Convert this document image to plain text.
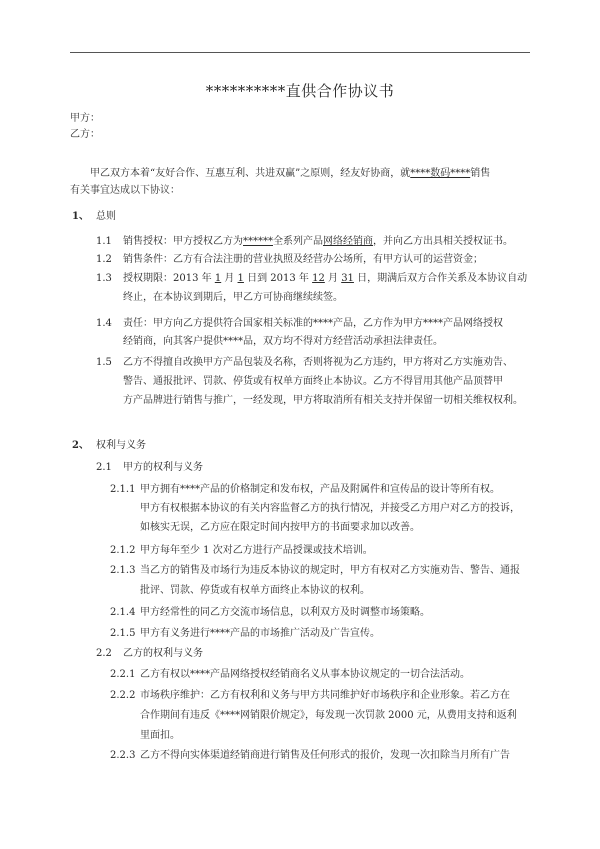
**********直供合作协议书
甲方：
乙方：
甲乙双方本着“友好合作、互惠互利、共进双赢”之原则，经友好协商，就****数码****销售
有关事宜达成以下协议：
1、 总则
1.1 销售授权：甲方授权乙方为******全系列产品网络经销商，并向乙方出具相关授权证书。
1.2 销售条件：乙方有合法注册的营业执照及经营办公场所，有甲方认可的运营资金；
1.3 授权期限：2013 年 1 月 1 日到 2013 年 12 月 31 日，期满后双方合作关系及本协议自动
终止，在本协议到期后，甲乙方可协商继续续签。
1.4 责任：甲方向乙方提供符合国家相关标准的****产品，乙方作为甲方****产品网络授权
经销商，向其客户提供****品，双方均不得对方经营活动承担法律责任。
1.5 乙方不得擅自改换甲方产品包装及名称，否则将视为乙方违约，甲方将对乙方实施劝告、
警告、通报批评、罚款、停货或有权单方面终止本协议。乙方不得冒用其他产品顶替甲
方产品牌进行销售与推广，一经发现，甲方将取消所有相关支持并保留一切相关维权权利。
2、 权利与义务
2.1 甲方的权利与义务
2.1.1 甲方拥有****产品的价格制定和发布权，产品及附属件和宣传品的设计等所有权。
甲方有权根据本协议的有关内容监督乙方的执行情况，并接受乙方用户对乙方的投诉，
如核实无误，乙方应在限定时间内按甲方的书面要求加以改善。
2.1.2 甲方每年至少 1 次对乙方进行产品授课或技术培训。
2.1.3 当乙方的销售及市场行为违反本协议的规定时，甲方有权对乙方实施劝告、警告、通报
批评、罚款、停货或有权单方面终止本协议的权利。
2.1.4 甲方经常性的同乙方交流市场信息，以利双方及时调整市场策略。
2.1.5 甲方有义务进行****产品的市场推广活动及广告宣传。
2.2 乙方的权利与义务
2.2.1 乙方有权以****产品网络授权经销商名义从事本协议规定的一切合法活动。
2.2.2 市场秩序维护：乙方有权利和义务与甲方共同维护好市场秩序和企业形象。若乙方在
合作期间有违反《****网销限价规定》，每发现一次罚款 2000 元，从费用支持和返利
里面扣。
2.2.3 乙方不得向实体渠道经销商进行销售及任何形式的报价，发现一次扣除当月所有广告
